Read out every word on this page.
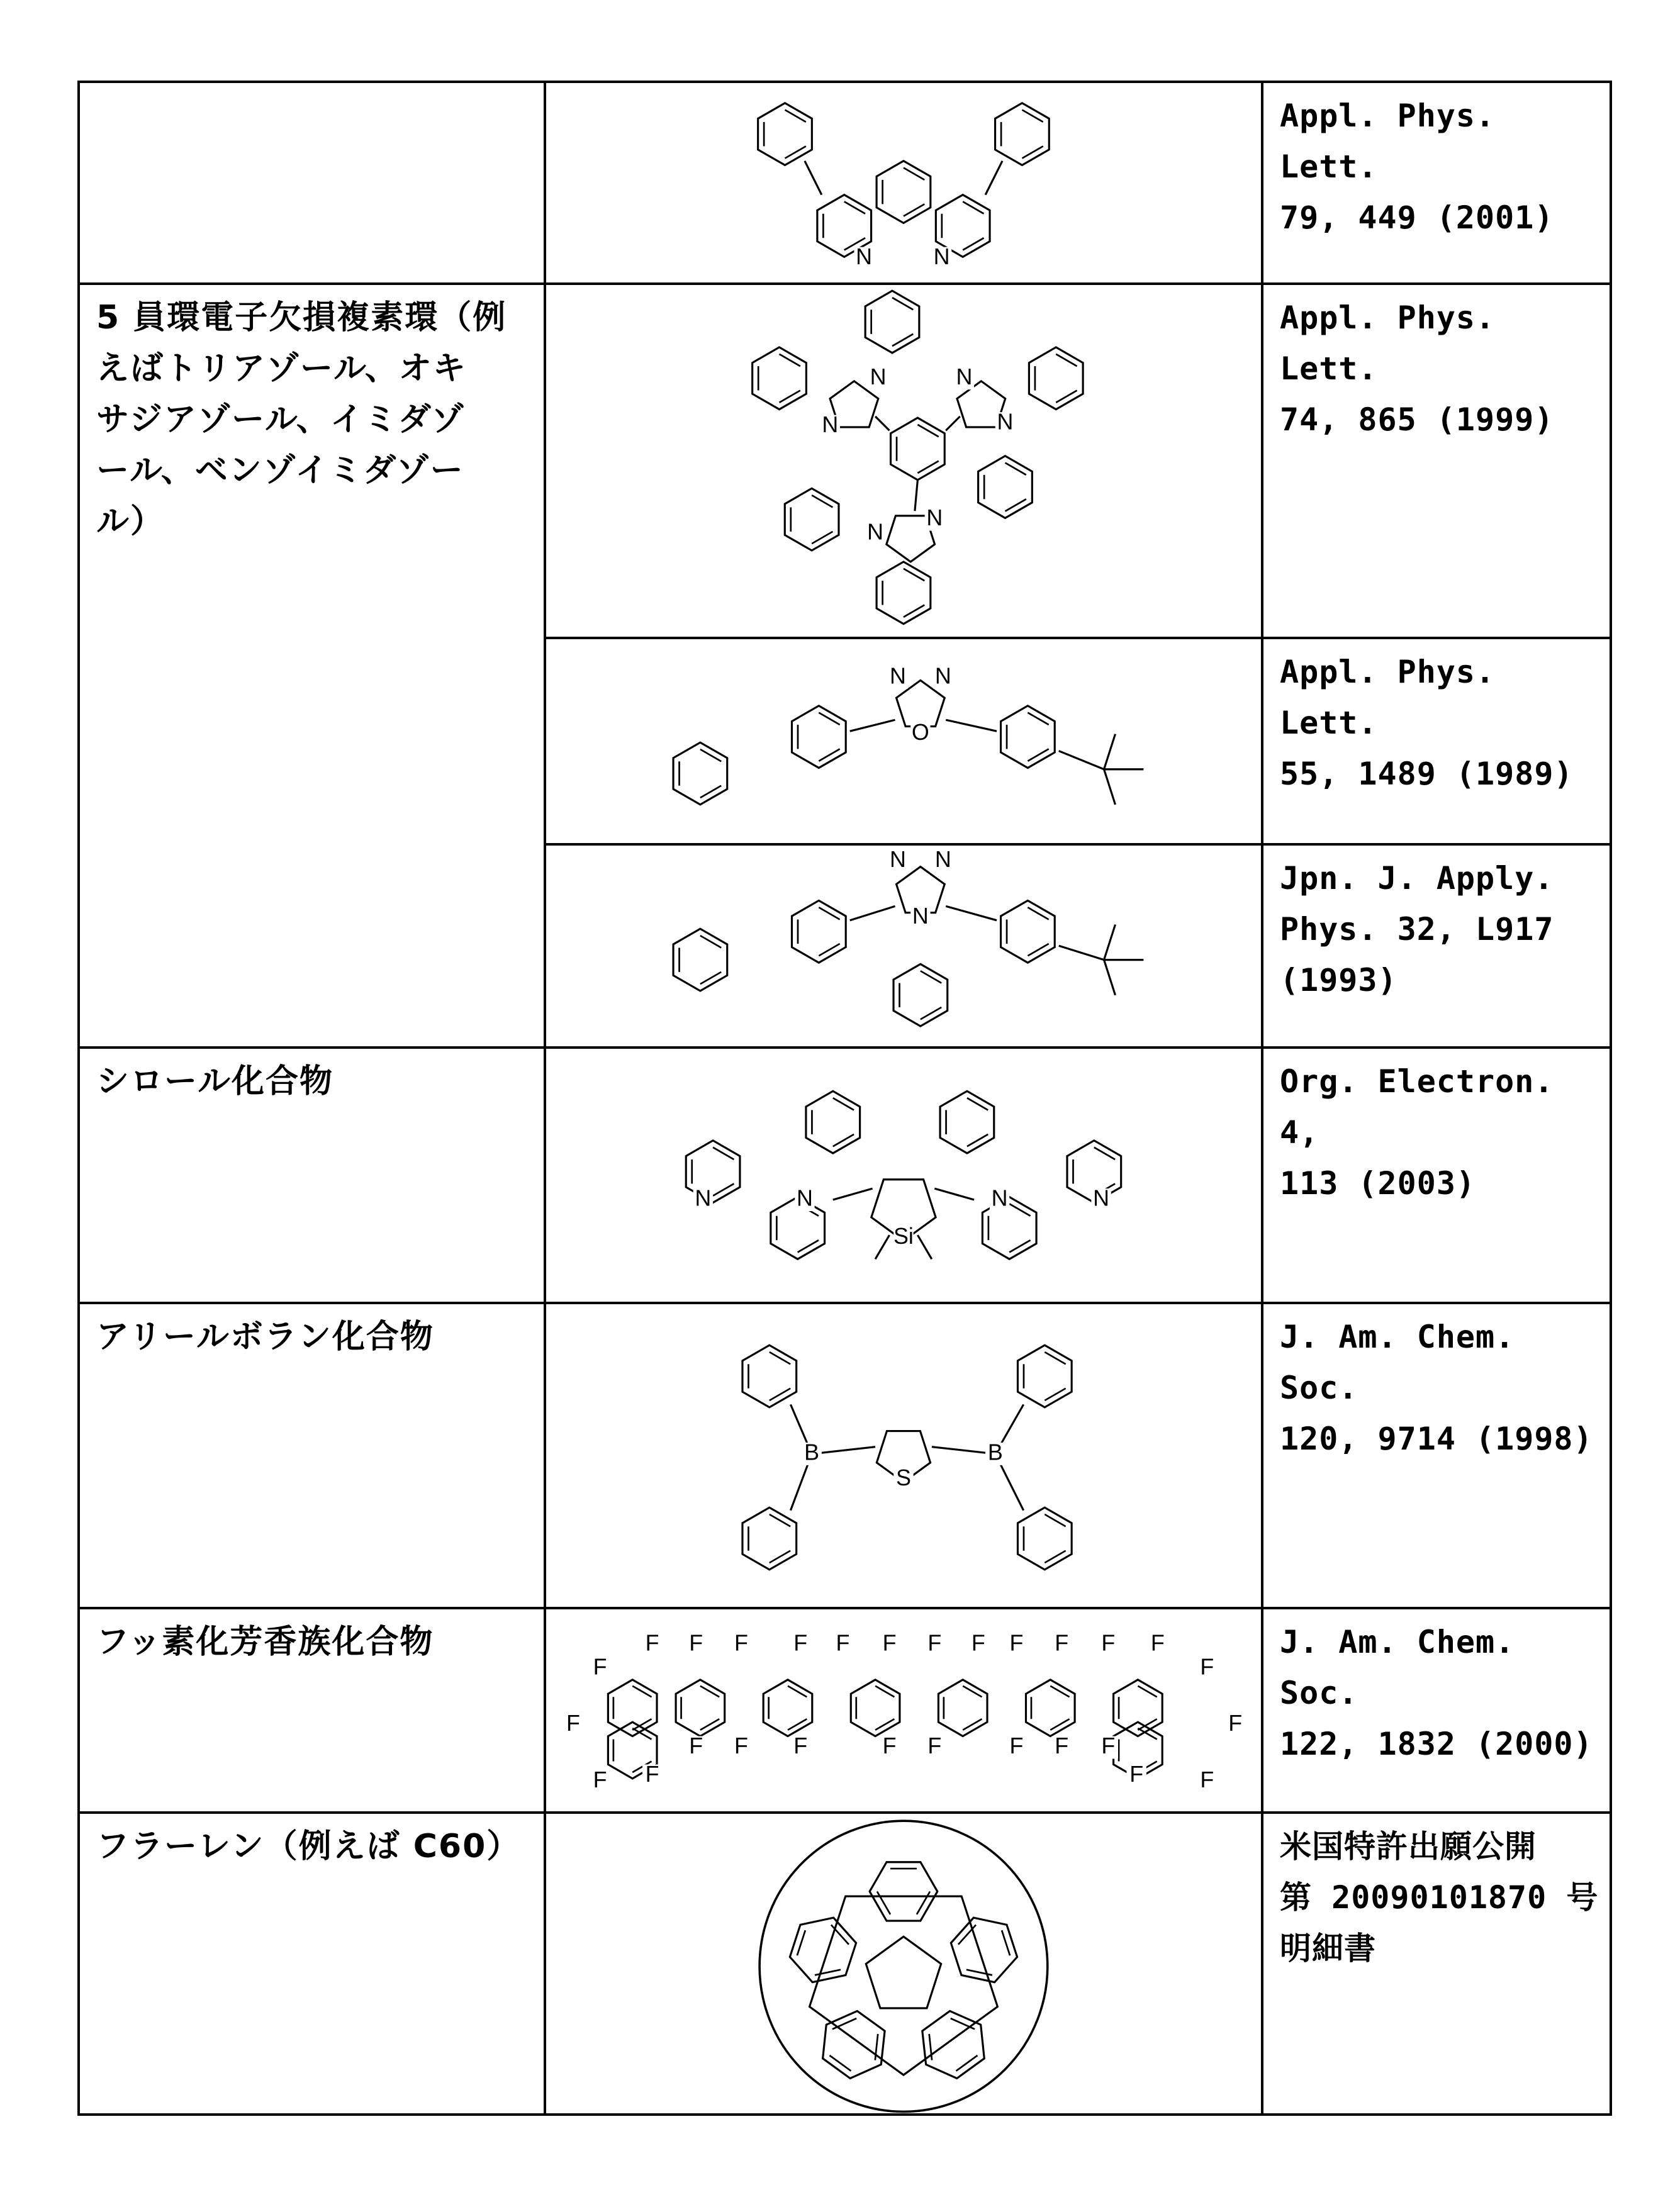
Appl. Phys. Lett.
79, 449 (2001)

5 員環電子欠損複素環（例
えばトリアゾール、オキ
サジアゾール、イミダゾ
ール、ベンゾイミダゾー
ル）

Appl. Phys. Lett.
74, 865 (1999)

Appl. Phys. Lett.
55, 1489 (1989)

Jpn. J. Apply.
Phys. 32, L917
(1993)

シロール化合物		Org. Electron. 4,
113 (2003)

アリールボラン化合物		J. Am. Chem. Soc.
120, 9714 (1998)

フッ素化芳香族化合物		J. Am. Chem. Soc.
122, 1832 (2000)

フラーレン（例えば C60）		米国特許出願公開
第 20090101870 号
明細書
N	N
N
N
N
N
N
N
N	N
O
N	N
N
Si
N
N	N	N
B	B
S
F	F	F	F	F	F	F	F F	F	F	F
F	F
F	F
F	F
F	F
F	F	F	F	F	F	F
F
